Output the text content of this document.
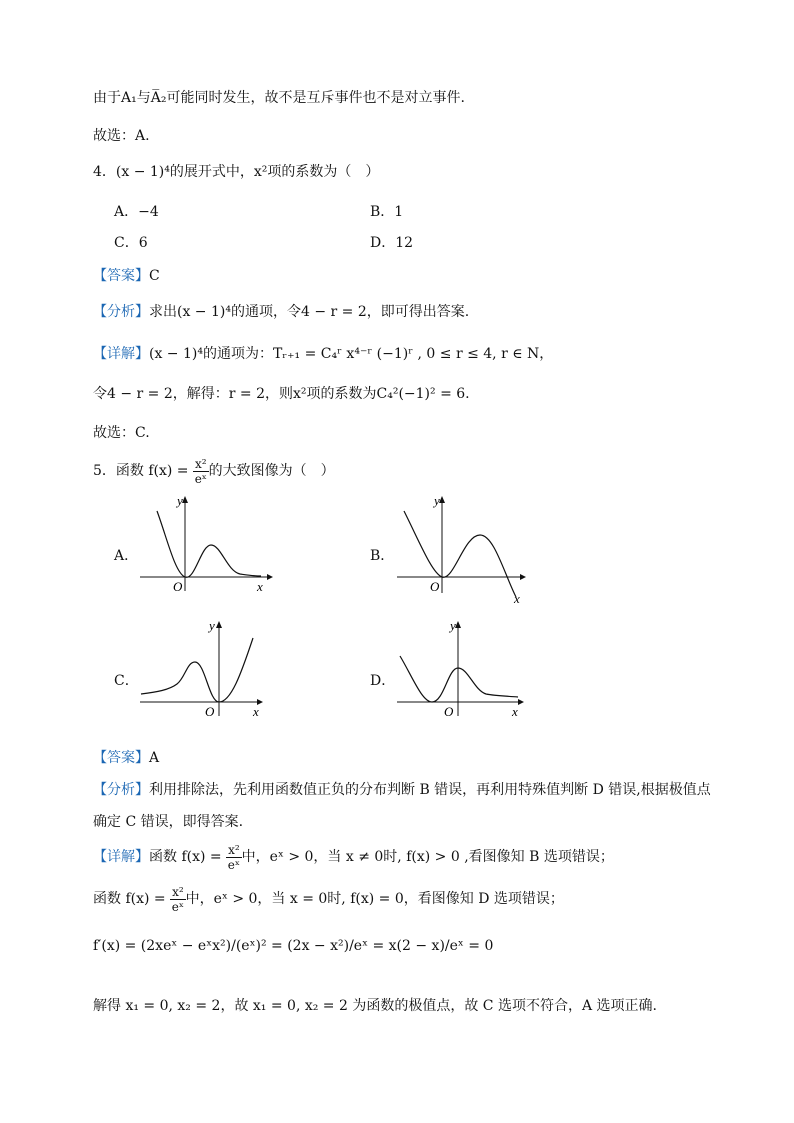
由于A₁与A̅₂可能同时发生，故不是互斥事件也不是对立事件.
故选：A.
4．(x − 1)⁴的展开式中，x²项的系数为（　）
A．−4	B．1
C．6	D．12
【答案】C
【分析】求出(x − 1)⁴的通项，令4 − r = 2，即可得出答案.
【详解】(x − 1)⁴的通项为：Tᵣ₊₁ = C₄ʳ x⁴⁻ʳ (−1)ʳ , 0 ≤ r ≤ 4, r ∈ N，
令4 − r = 2，解得：r = 2，则x²项的系数为C₄²(−1)² = 6.
故选：C.
5．函数 $f(x) = \frac{\text{x²}}{\text{eˣ}}$ 的大致图像为（　）
A．
y
x
O
B．
y
x
O
C．
y
x
O
D．
y
x
O
【答案】A
【分析】利用排除法，先利用函数值正负的分布判断 B 错误，再利用特殊值判断 D 错误,根据极值点
确定 C 错误，即得答案.
【详解】函数 $f(x) = \frac{\text{x²}}{\text{eˣ}}$ 中，eˣ > 0，当 x ≠ 0时, f(x) > 0 ,看图像知 B 选项错误；
函数 $f(x) = \frac{\text{x²}}{\text{eˣ}}$ 中，eˣ > 0，当 x = 0时, f(x) = 0，看图像知 D 选项错误；
f′(x) = (2xeˣ − eˣx²)/(eˣ)² = (2x − x²)/eˣ = x(2 − x)/eˣ = 0
解得 x₁ = 0, x₂ = 2，故 x₁ = 0, x₂ = 2 为函数的极值点，故 C 选项不符合，A 选项正确.
